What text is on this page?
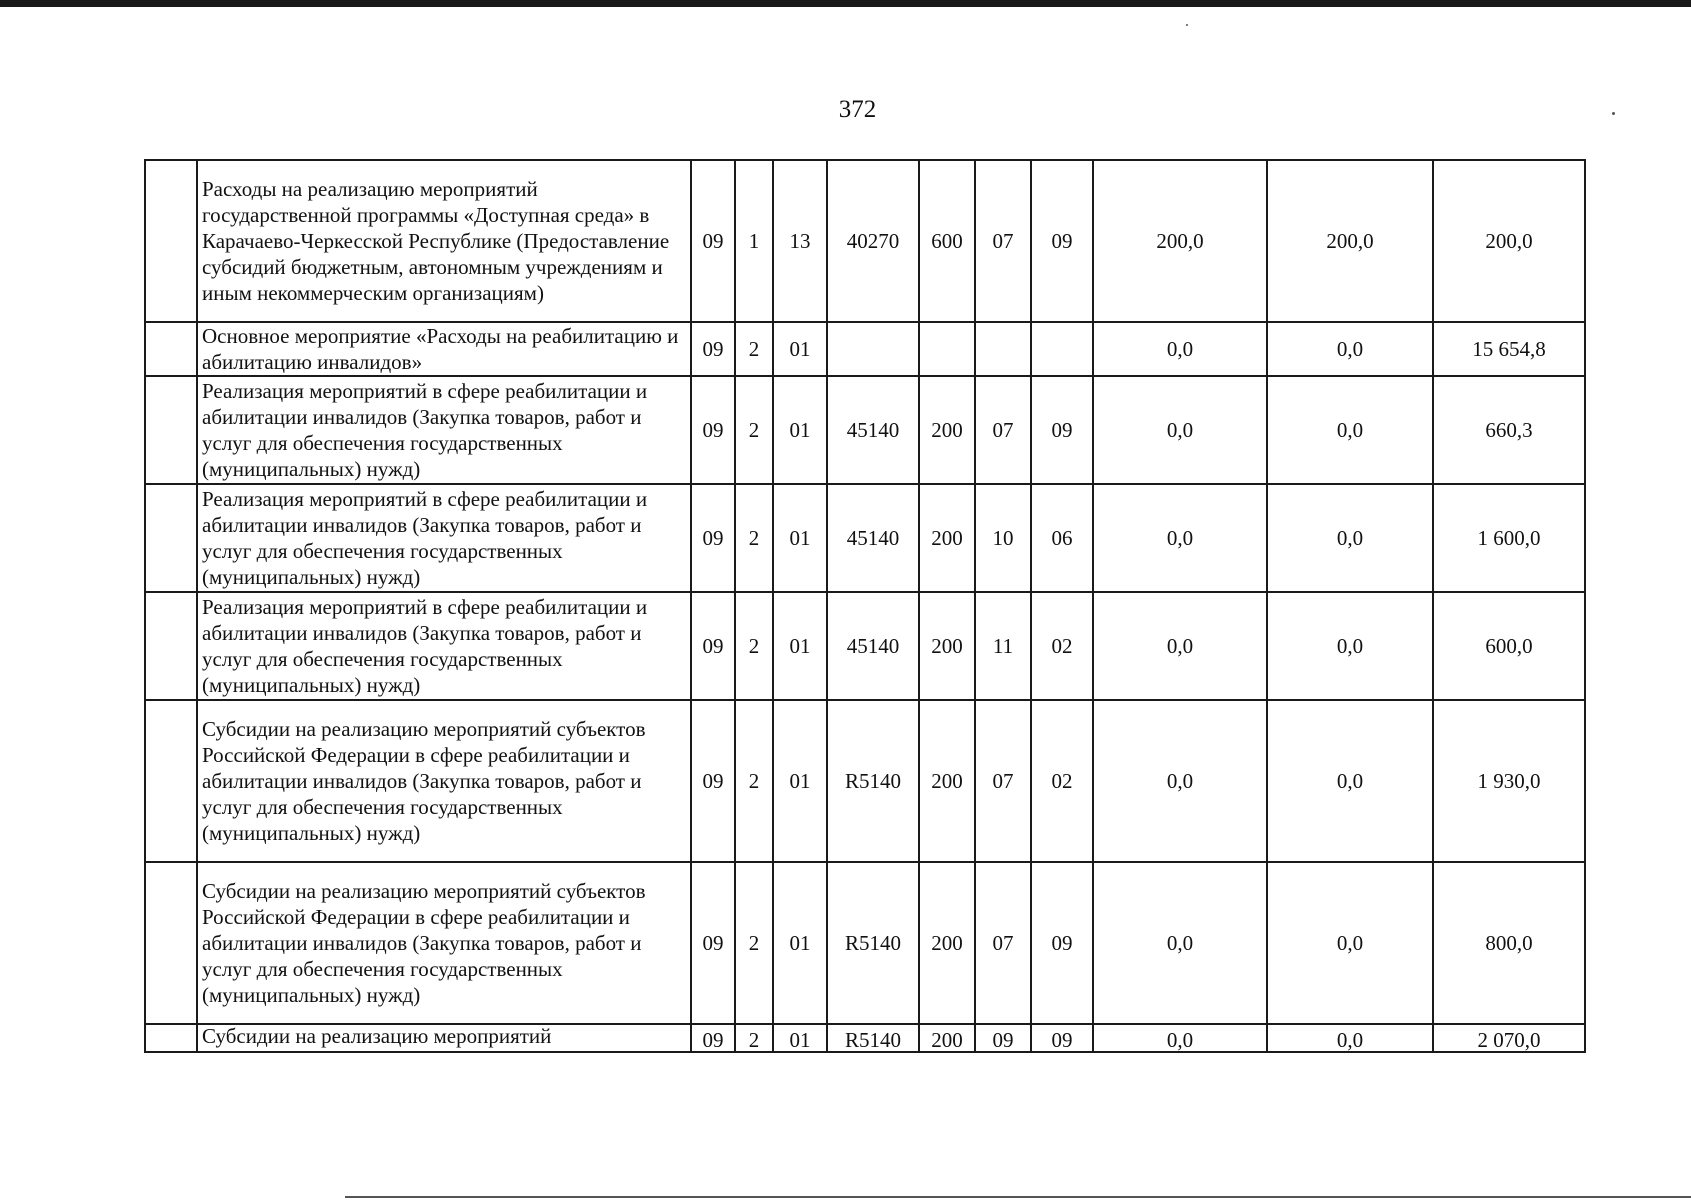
372
	Расходы на реализацию мероприятий государственной программы «Доступная среда» в Карачаево-Черкесской Республике (Предоставление субсидий бюджетным, автономным учреждениям и иным некоммерческим организациям)	09	1	13	40270	600	07	09	200,0	200,0	200,0
	Основное мероприятие «Расходы на реабилитацию и абилитацию инвалидов»	09	2	01					0,0	0,0	15 654,8
	Реализация мероприятий в сфере реабилитации и абилитации инвалидов (Закупка товаров, работ и услуг для обеспечения государственных (муниципальных) нужд)	09	2	01	45140	200	07	09	0,0	0,0	660,3
	Реализация мероприятий в сфере реабилитации и абилитации инвалидов (Закупка товаров, работ и услуг для обеспечения государственных (муниципальных) нужд)	09	2	01	45140	200	10	06	0,0	0,0	1 600,0
	Реализация мероприятий в сфере реабилитации и абилитации инвалидов (Закупка товаров, работ и услуг для обеспечения государственных (муниципальных) нужд)	09	2	01	45140	200	11	02	0,0	0,0	600,0
	Субсидии на реализацию мероприятий субъектов Российской Федерации в сфере реабилитации и абилитации инвалидов (Закупка товаров, работ и услуг для обеспечения государственных (муниципальных) нужд)	09	2	01	R5140	200	07	02	0,0	0,0	1 930,0
	Субсидии на реализацию мероприятий субъектов Российской Федерации в сфере реабилитации и абилитации инвалидов (Закупка товаров, работ и услуг для обеспечения государственных (муниципальных) нужд)	09	2	01	R5140	200	07	09	0,0	0,0	800,0
	Субсидии на реализацию мероприятий	09	2	01	R5140	200	09	09	0,0	0,0	2 070,0
